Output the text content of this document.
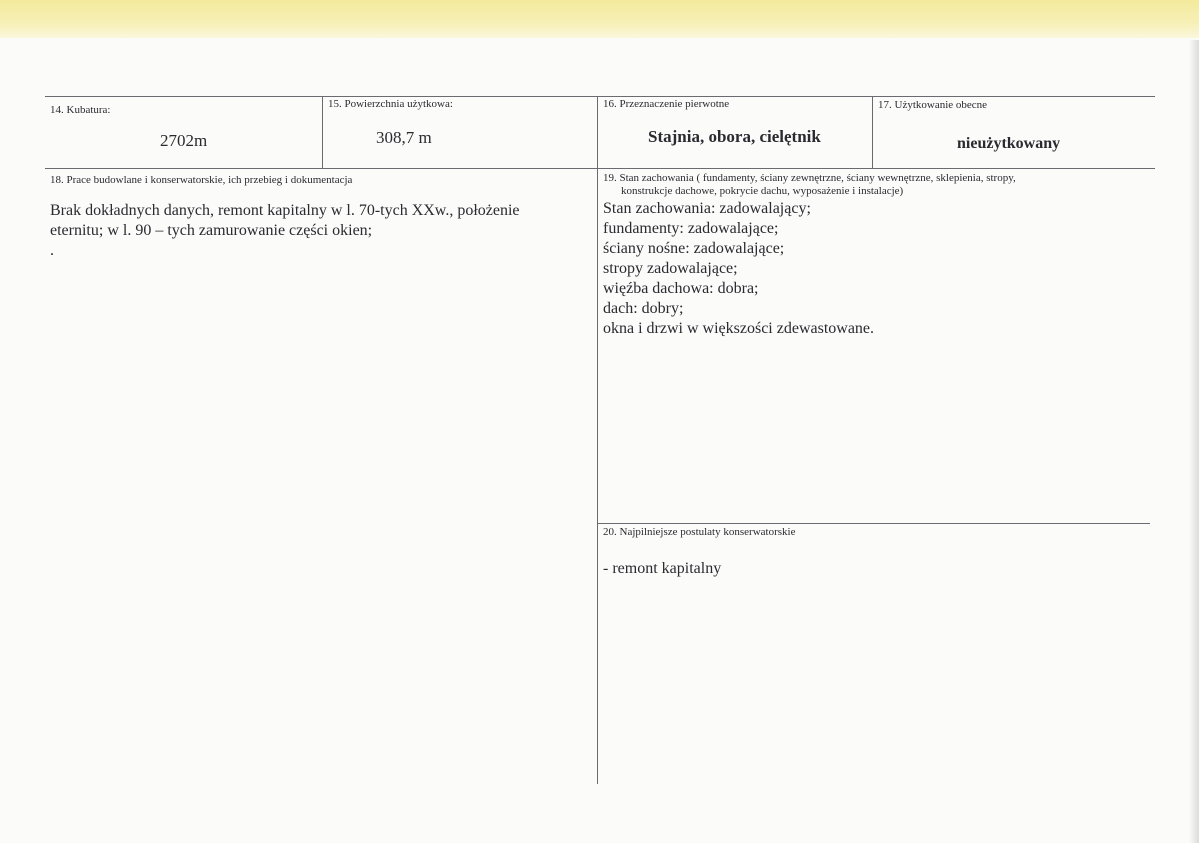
14. Kubatura:
2702m
15. Powierzchnia użytkowa:
308,7 m
16. Przeznaczenie pierwotne
Stajnia, obora, cielętnik
17. Użytkowanie obecne
nieużytkowany
18. Prace budowlane i konserwatorskie, ich przebieg i dokumentacja
Brak dokładnych danych, remont kapitalny w l. 70-tych XXw., położenie
eternitu; w l. 90 – tych zamurowanie części okien;
.
19. Stan zachowania ( fundamenty, ściany zewnętrzne, ściany wewnętrzne, sklepienia, stropy,
konstrukcje dachowe, pokrycie dachu, wyposażenie i instalacje)
Stan zachowania: zadowalający;
fundamenty: zadowalające;
ściany nośne: zadowalające;
stropy zadowalające;
więźba dachowa: dobra;
dach: dobry;
okna i drzwi w większości zdewastowane.
20. Najpilniejsze postulaty konserwatorskie
- remont kapitalny
